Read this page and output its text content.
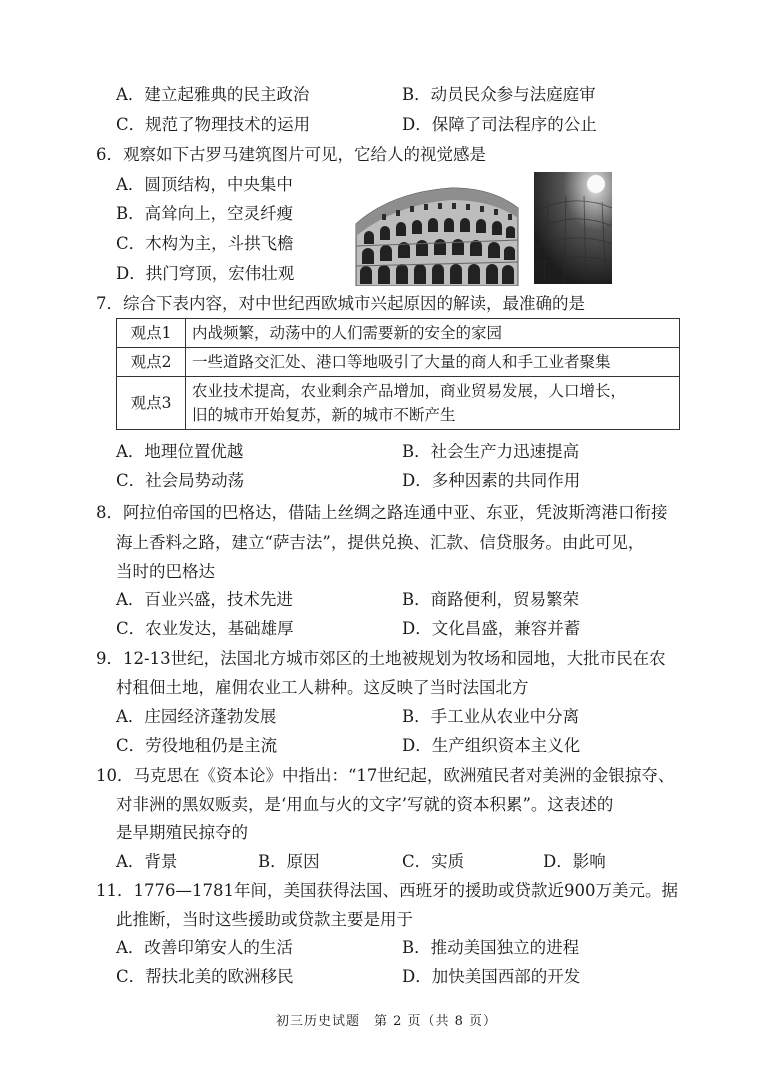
A．建立起雅典的民主政治	B．动员民众参与法庭庭审
C．规范了物理技术的运用	D．保障了司法程序的公止
6．观察如下古罗马建筑图片可见，它给人的视觉感是
A．圆顶结构，中央集中
B．高耸向上，空灵纤瘦
C．木构为主，斗拱飞檐
D．拱门穹顶，宏伟壮观
7．综合下表内容，对中世纪西欧城市兴起原因的解读，最准确的是
观点1	内战频繁，动荡中的人们需要新的安全的家园
观点2	一些道路交汇处、港口等地吸引了大量的商人和手工业者聚集
观点3	农业技术提高，农业剩余产品增加，商业贸易发展，人口增长，
旧的城市开始复苏，新的城市不断产生
A．地理位置优越	B．社会生产力迅速提高
C．社会局势动荡	D．多种因素的共同作用
8．阿拉伯帝国的巴格达，借陆上丝绸之路连通中亚、东亚，凭波斯湾港口衔接
海上香料之路，建立“萨吉法”，提供兑换、汇款、信贷服务。由此可见，
当时的巴格达
A．百业兴盛，技术先进	B．商路便利，贸易繁荣
C．农业发达，基础雄厚	D．文化昌盛，兼容并蓄
9．12-13世纪，法国北方城市郊区的土地被规划为牧场和园地，大批市民在农
村租佃土地，雇佣农业工人耕种。这反映了当时法国北方
A．庄园经济蓬勃发展	B．手工业从农业中分离
C．劳役地租仍是主流	D．生产组织资本主义化
10．马克思在《资本论》中指出：“17世纪起，欧洲殖民者对美洲的金银掠夺、
对非洲的黑奴贩卖，是‘用血与火的文字’写就的资本积累”。这表述的
是早期殖民掠夺的
A．背景	B．原因	C．实质	D．影响
11．1776—1781年间，美国获得法国、西班牙的援助或贷款近900万美元。据
此推断，当时这些援助或贷款主要是用于
A．改善印第安人的生活	B．推动美国独立的进程
C．帮扶北美的欧洲移民	D．加快美国西部的开发
初三历史试题　第 2 页（共 8 页）
